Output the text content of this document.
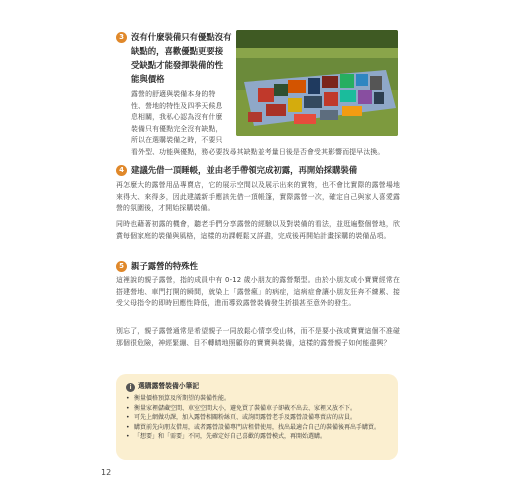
3 沒有什麼裝備只有優點沒有
缺點的，喜歡優點更要接
受缺點才能發揮裝備的性
能與價格
露營的舒適與裝備本身的特
性、營地的特性及四季天候息
息相關，我私心認為沒有什麼
裝備只有優點完全沒有缺點，
所以在選購裝備之時，不要只
看外型、功能與優點，務必要找尋其缺點並考量日後是否會受其影響而提早汰換。
4 建議先借一頂睡帳，並由老手帶領完成初露，再開始採購裝備
再怎麼大的露營用品專賣店，它的展示空間以及展示出來的實物，也不會比實際的露營場地來得大、來得多，因此建議新手應該先借一頂帳篷，實際露營一次，確定自己與家人喜愛露營的氛圍後，才開始採購裝備。
同時也藉著初露的機會，聽老手們分享露營的經驗以及對裝備的看法，並逛遍整個營地，欣賞每個家庭的裝備與風格，這樣的功課輕鬆又詳盡，完成後再開始計畫採購的裝備品項。
5 親子露營的特殊性
這裡說的親子露營，指的成員中有 0-12 歲小朋友的露營類型。由於小朋友或小寶寶經常在搭建營地、車門打開的瞬間，就染上「露營瘋」的病症，這病症會讓小朋友狂奔不練累、接受父母指令的即時回應性降低，進而導致露營裝備發生折損甚至意外的發生。
別忘了，親子露營通常是希望親子一同放鬆心情享受山林，而不是要小孩或寶寶這個不准碰那個很危險，神經緊繃、目不轉睛地照顧你的寶寶與裝備，這樣的露營親子如何能盡興？
i 選購露營裝備小筆記
• 衡量價格預算及所期望的裝備性能。
• 衡量家裡儲藏空間、車室空間大小，避免買了裝備車子卻載不出去、家裡又放不下。
• 可先上網做功課，加入露營相關粉絲頁、或詢問露營老手及露營設備專賣店的店員。
• 購買前先向朋友借用，或者露營設備專門店租借使用，找出最適合自己的裝備後再出手購買。
• 「想要」和「需要」不同，先確定好自己喜歡的露營模式，再開始選購。
12
